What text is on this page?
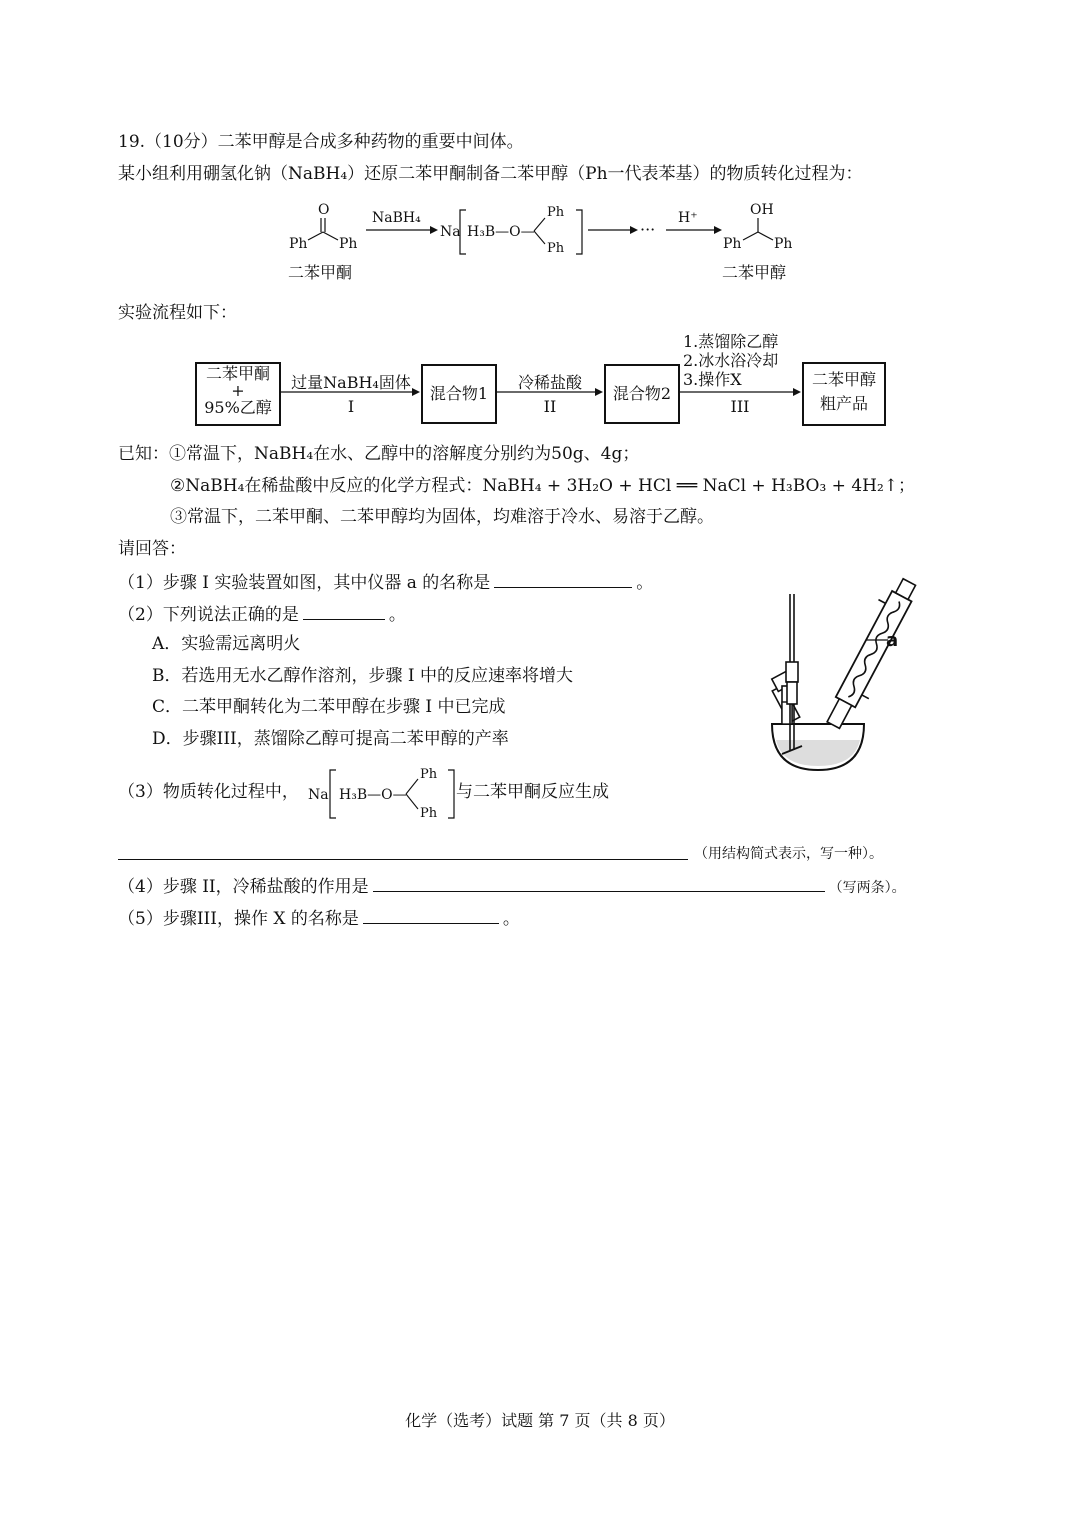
19.（10分）二苯甲醇是合成多种药物的重要中间体。
某小组利用硼氢化钠（NaBH₄）还原二苯甲酮制备二苯甲醇（Ph一代表苯基）的物质转化过程为：
O
Ph Ph
二苯甲酮
NaBH₄
Na H₃B—O—
Ph
Ph
···
H⁺	OH
Ph Ph
二苯甲醇
实验流程如下：
二苯甲酮
+
95%乙醇
过量NaBH₄固体
I
混合物1
冷稀盐酸
II
混合物2
1.蒸馏除乙醇
2.冰水浴冷却
3.操作X
III
二苯甲醇
粗产品
已知：①常温下，NaBH₄在水、乙醇中的溶解度分别约为50g、4g；
②NaBH₄在稀盐酸中反应的化学方程式：NaBH₄ + 3H₂O + HCl ══ NaCl + H₃BO₃ + 4H₂↑；
③常温下，二苯甲酮、二苯甲醇均为固体，均难溶于冷水、易溶于乙醇。
请回答：
（1）步骤 I 实验装置如图，其中仪器 a 的名称是	。
（2）下列说法正确的是	。
A．实验需远离明火
B．若选用无水乙醇作溶剂，步骤 I 中的反应速率将增大
C．二苯甲酮转化为二苯甲醇在步骤 I 中已完成
D．步骤III，蒸馏除乙醇可提高二苯甲醇的产率
a
（3）物质转化过程中， Na H₃B—O—
Ph
Ph
与二苯甲酮反应生成
（用结构简式表示，写一种）。
（4）步骤 II，冷稀盐酸的作用是	（写两条）。
（5）步骤III，操作 X 的名称是	。
化学（选考）试题 第 7 页（共 8 页）
